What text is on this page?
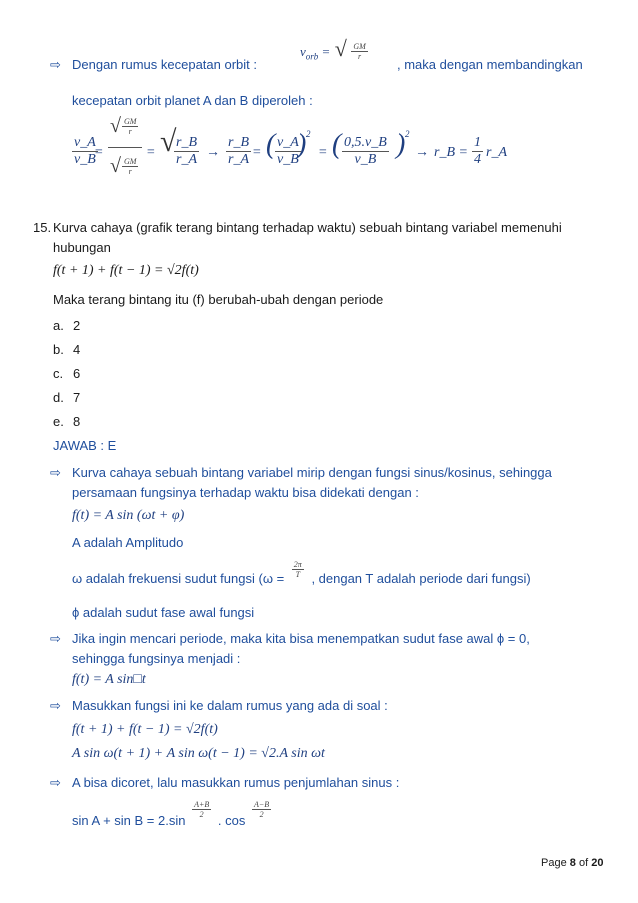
⇨ Dengan rumus kecepatan orbit :
$v_{orb}$ = √ $\frac{GM}{r}$
, maka dengan membandingkan
kecepatan orbit planet A dan B diperoleh :
$\frac{v\_A}{v\_B}$
=
√ $\frac{GM}{r}$
√ $\frac{GM}{r}$
= √
$\frac{r\_B}{r\_A} \to \frac{r\_B}{r\_A}$ = ( $\frac{v\_A}{v\_B}$
) 2
= ( $\frac{0,5.v\_B}{v\_B}$ ) 2
→ r_B = $\frac{1}{4}$ r_A
15. Kurva cahaya (grafik terang bintang terhadap waktu) sebuah bintang variabel memenuhi
hubungan
f(t + 1) + f(t − 1) = √2f(t)
Maka terang bintang itu (f) berubah-ubah dengan periode
a. 2
b. 4
c. 6
d. 7
e. 8
JAWAB : E
⇨ Kurva cahaya sebuah bintang variabel mirip dengan fungsi sinus/kosinus, sehingga
persamaan fungsinya terhadap waktu bisa didekati dengan :
f(t) = A sin (ωt + φ)
A adalah Amplitudo
ω adalah frekuensi sudut fungsi ($\omega = \frac{2\pi}{T}$ , dengan T adalah periode dari fungsi)
ϕ adalah sudut fase awal fungsi
⇨ Jika ingin mencari periode, maka kita bisa menempatkan sudut fase awal ϕ = 0,
sehingga fungsinya menjadi :
f(t) = A sin□t
⇨ Masukkan fungsi ini ke dalam rumus yang ada di soal :
f(t + 1) + f(t − 1) = √2f(t)
A sin ω(t + 1) + A sin ω(t − 1) = √2.A sin ωt
⇨ A bisa dicoret, lalu masukkan rumus penjumlahan sinus :
sin A + sin B = 2.sin
$\frac{A+B}{2}$
. cos
$\frac{A-B}{2}$
Page 8 of 20
